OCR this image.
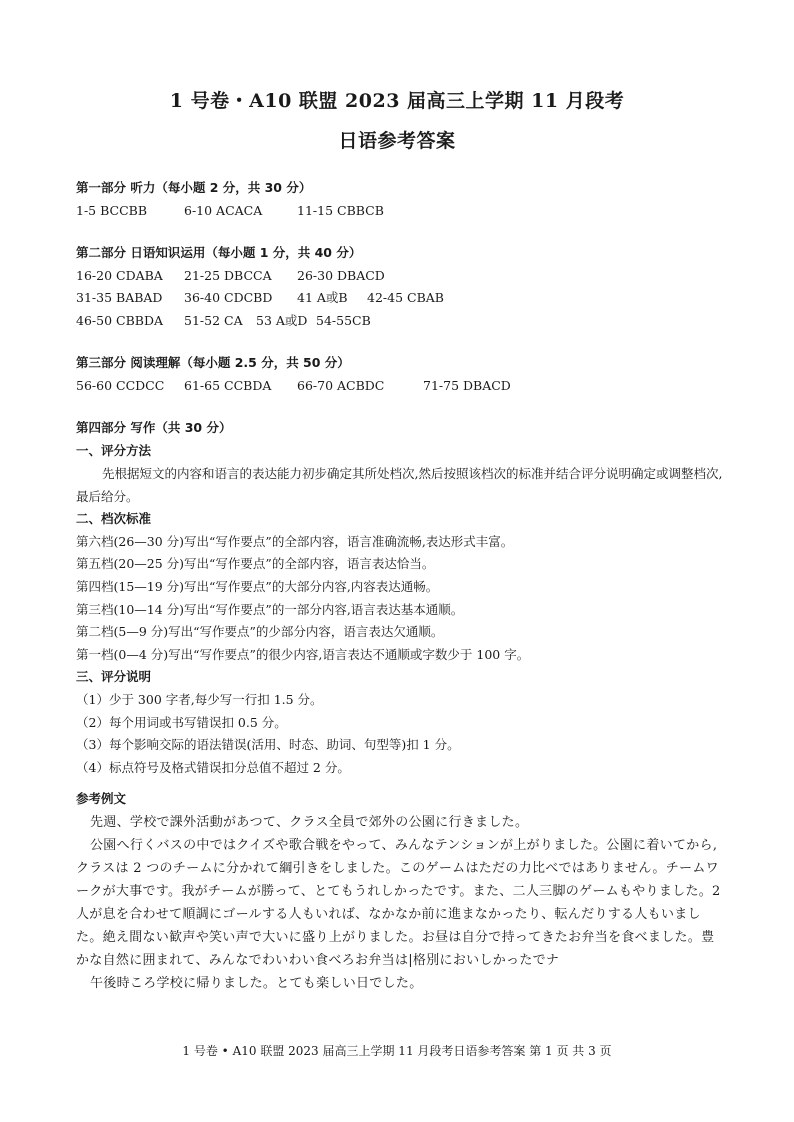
1 号卷・A10 联盟 2023 届高三上学期 11 月段考
日语参考答案
第一部分 听力（每小题 2 分，共 30 分）
1-5 BCCBB	6-10 ACACA	11-15 CBBCB
第二部分 日语知识运用（每小题 1 分，共 40 分）
16-20 CDABA 21-25 DBCCA 26-30 DBACD
31-35 BABAD 36-40 CDCBD 41 A或B 42-45 CBAB
46-50 CBBDA 51-52 CA 53 A或D 54-55CB
第三部分 阅读理解（每小题 2.5 分，共 50 分）
56-60 CCDCC 61-65 CCBDA 66-70 ACBDC	71-75 DBACD
第四部分 写作（共 30 分）
一、评分方法
先根据短文的内容和语言的表达能力初步确定其所处档次,然后按照该档次的标准并结合评分说明确定或调整档次,最后给分。
二、档次标准
第六档(26—30 分)写出“写作要点”的全部内容，语言准确流畅,表达形式丰富。
第五档(20—25 分)写出“写作要点”的全部内容，语言表达恰当。
第四档(15—19 分)写出“写作要点”的大部分内容,内容表达通畅。
第三档(10—14 分)写出“写作要点”的一部分内容,语言表达基本通顺。
第二档(5—9 分)写出“写作要点”的少部分内容，语言表达欠通顺。
第一档(0—4 分)写出“写作要点”的很少内容,语言表达不通顺或字数少于 100 字。
三、评分说明
（1）少于 300 字者,每少写一行扣 1.5 分。
（2）每个用词或书写错误扣 0.5 分。
（3）每个影响交际的语法错误(活用、时态、助词、句型等)扣 1 分。
（4）标点符号及格式错误扣分总值不超过 2 分。
参考例文
先週、学校で課外活動があつて、クラス全員で郊外の公園に行きました。
公園へ行くバスの中ではクイズや歌合戦をやって、みんなテンションが上がりました。公園に着いてから,クラスは 2 つのチームに分かれて綱引きをしました。このゲームはただの力比べではありません。チームワークが大事です。我がチームが勝って、とてもうれしかったです。また、二人三脚のゲームもやりました。2 人が息を合わせて順調にゴールする人もいれば、なかなか前に進まなかったり、転んだりする人もいました。絶え間ない歓声や笑い声で大いに盛り上がりました。お昼は自分で持ってきたお弁当を食べました。豊かな自然に囲まれて、みんなでわいわい食べろお弁当は|格別においしかったでナ
午後時ころ学校に帰りました。とても楽しい日でした。
1 号卷 • A10 联盟 2023 届高三上学期 11 月段考日语参考答案 第 1 页 共 3 页
